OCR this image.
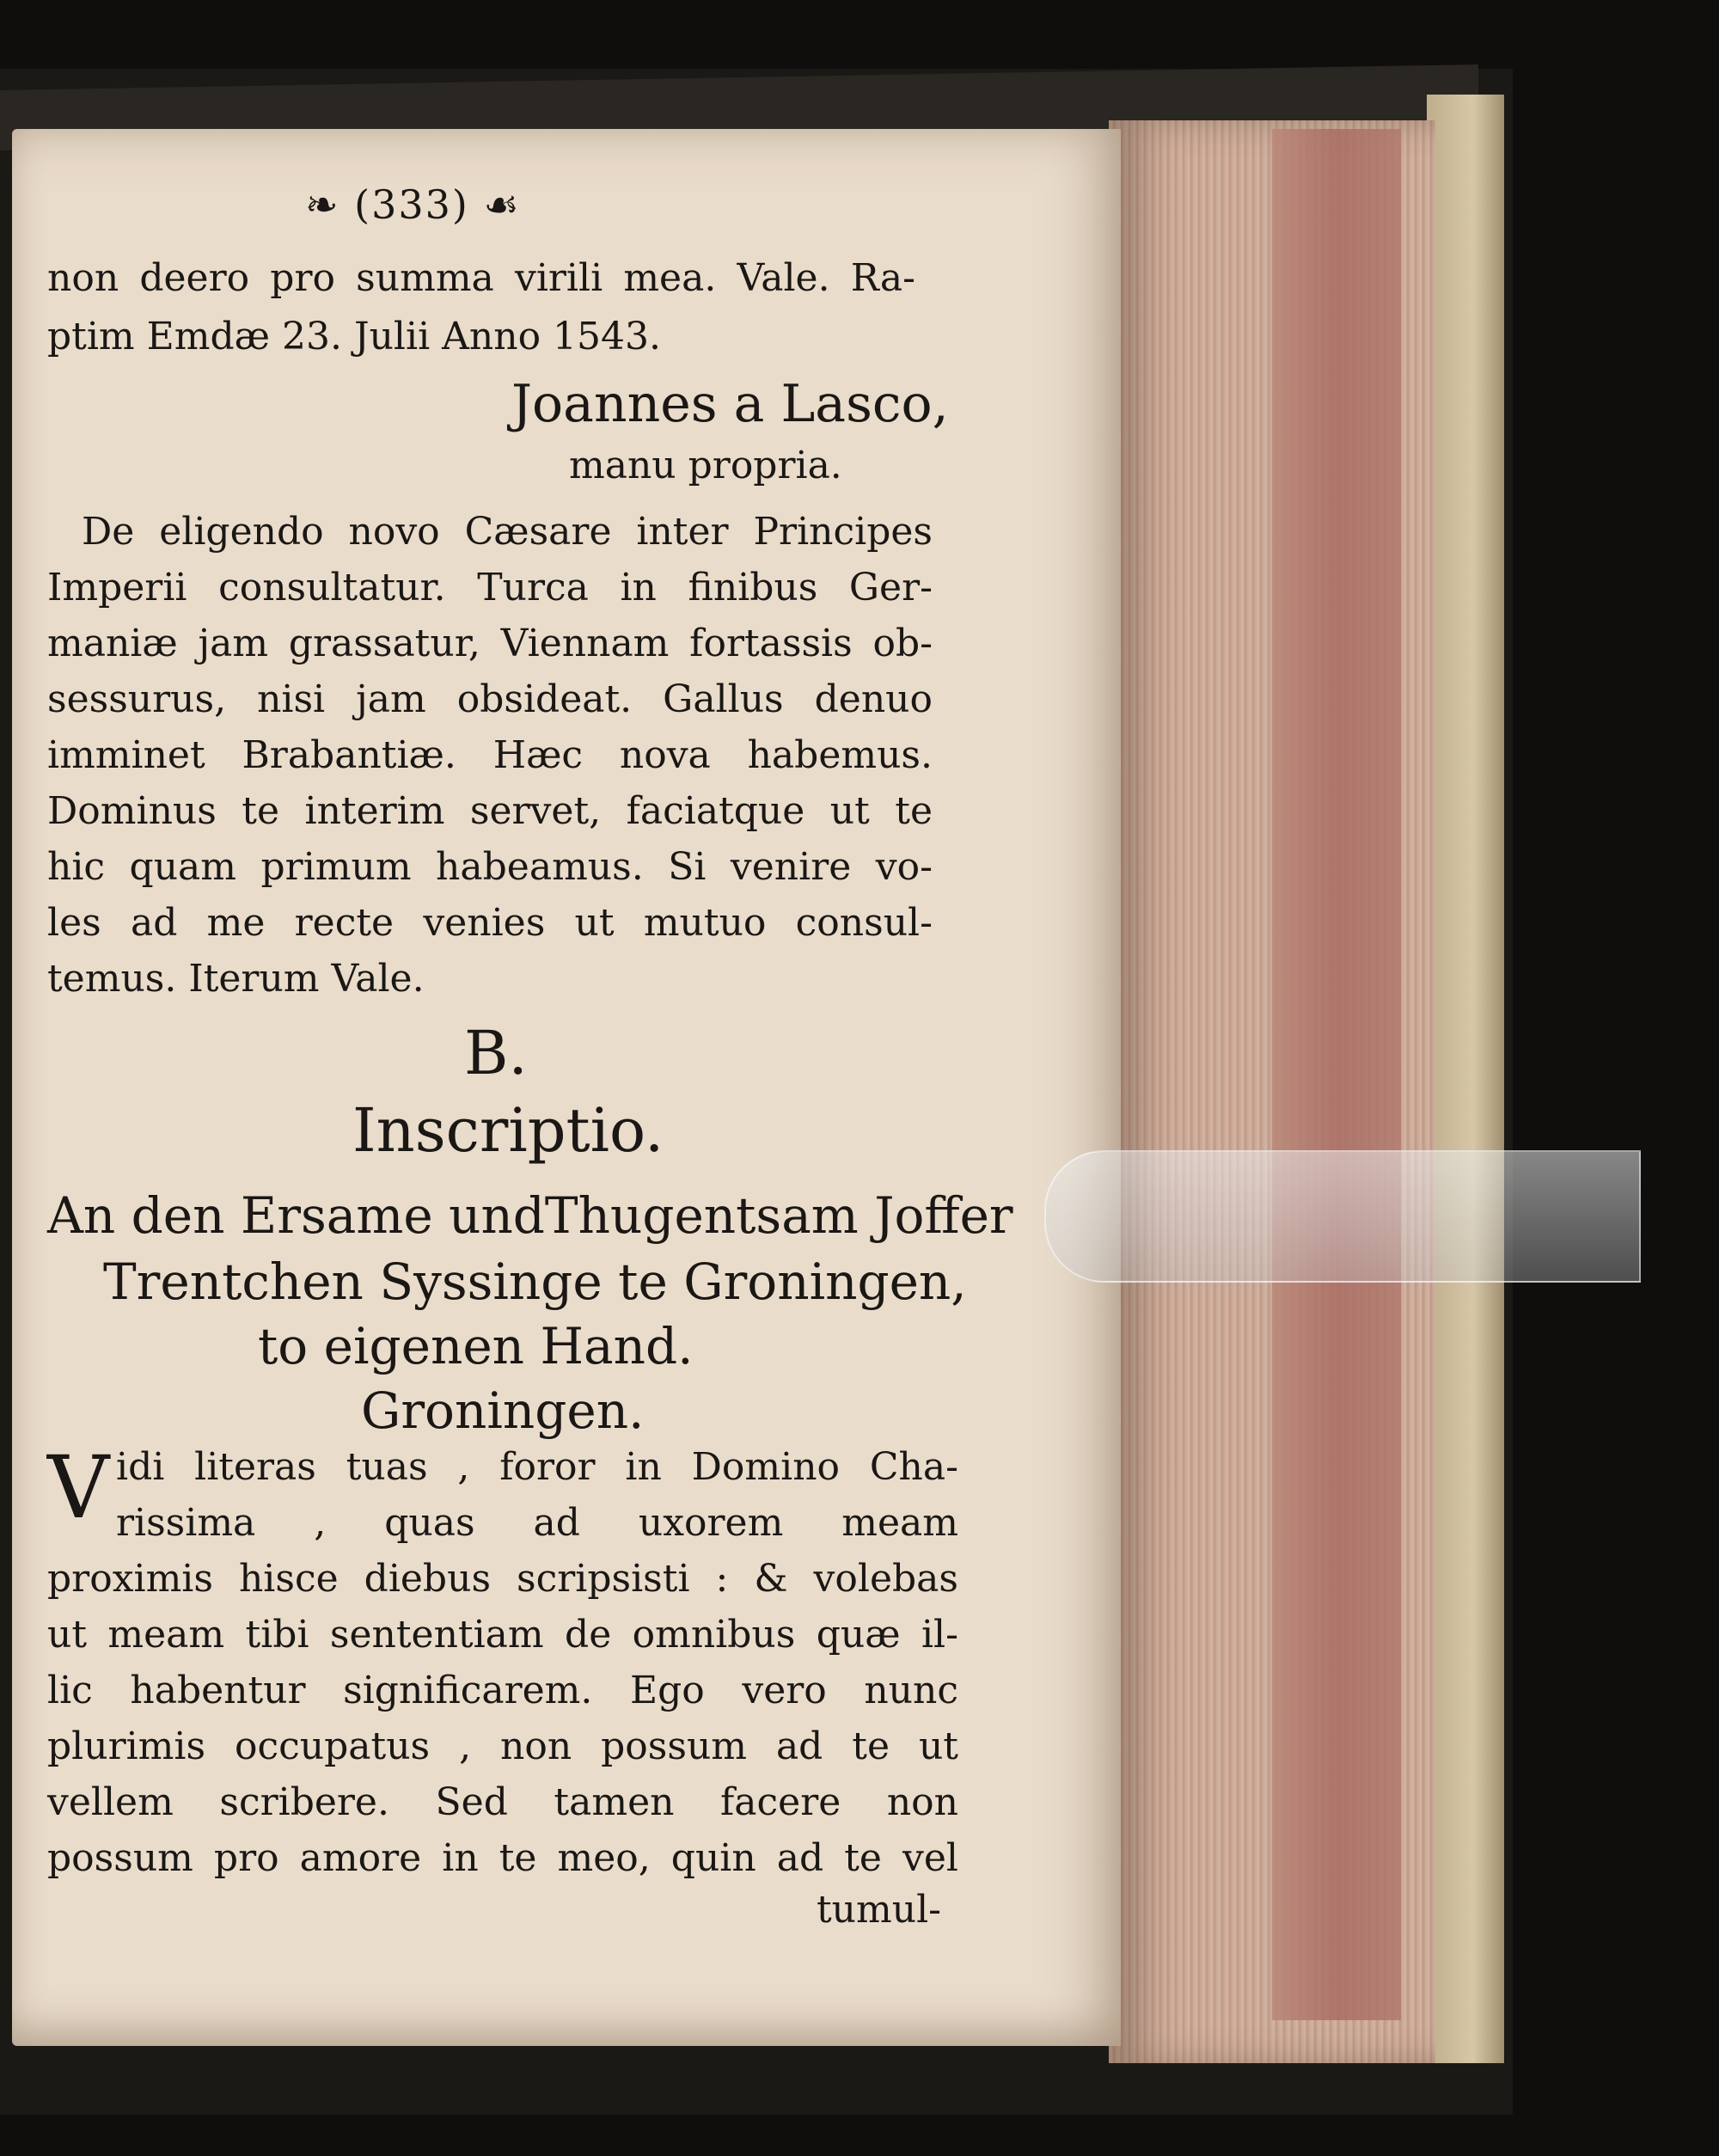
❧ (333) ☙
non deero pro summa virili mea. Vale. Ra-
ptim Emdæ 23. Julii Anno 1543.
Joannes a Lasco,
manu propria.
De eligendo novo Cæsare inter Principes
Imperii consultatur. Turca in finibus Ger-
maniæ jam grassatur, Viennam fortassis ob-
sessurus, nisi jam obsideat. Gallus denuo
imminet Brabantiæ. Hæc nova habemus.
Dominus te interim servet, faciatque ut te
hic quam primum habeamus. Si venire vo-
les ad me recte venies ut mutuo consul-
temus. Iterum Vale.
B.
Inscriptio.
An den Ersame undThugentsam Joffer
Trentchen Syssinge te Groningen,
to eigenen Hand.
Groningen.
V idi literas tuas , foror in Domino Cha-
rissima , quas ad uxorem meam
proximis hisce diebus scripsisti : & volebas
ut meam tibi sententiam de omnibus quæ il-
lic habentur significarem. Ego vero nunc
plurimis occupatus , non possum ad te ut
vellem scribere. Sed tamen facere non
possum pro amore in te meo, quin ad te vel
tumul-
